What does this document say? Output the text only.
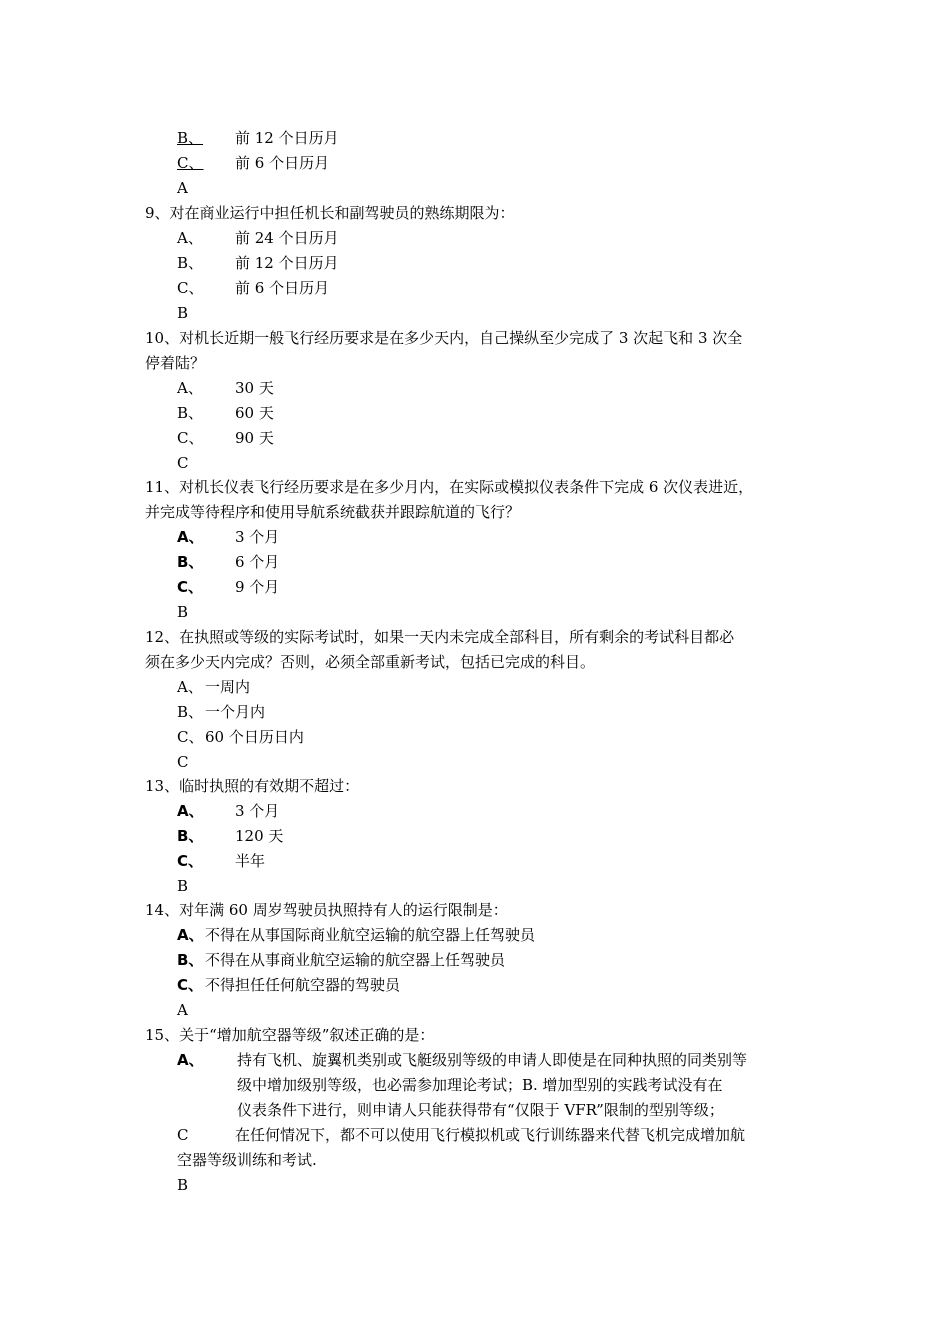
B、 前 12 个日历月
C、 前 6 个日历月
A
9、对在商业运行中担任机长和副驾驶员的熟练期限为：
A、 前 24 个日历月
B、 前 12 个日历月
C、 前 6 个日历月
B
10、对机长近期一般飞行经历要求是在多少天内，自己操纵至少完成了 3 次起飞和 3 次全
停着陆？
A、 30 天
B、 60 天
C、 90 天
C
11、对机长仪表飞行经历要求是在多少月内，在实际或模拟仪表条件下完成 6 次仪表进近，
并完成等待程序和使用导航系统截获并跟踪航道的飞行？
A、 3 个月
B、 6 个月
C、 9 个月
B
12、在执照或等级的实际考试时，如果一天内未完成全部科目，所有剩余的考试科目都必
须在多少天内完成？否则，必须全部重新考试，包括已完成的科目。
A、 一周内
B、 一个月内
C、 60 个日历日内
C
13、临时执照的有效期不超过：
A、 3 个月
B、 120 天
C、 半年
B
14、对年满 60 周岁驾驶员执照持有人的运行限制是：
A、不得在从事国际商业航空运输的航空器上任驾驶员
B、 不得在从事商业航空运输的航空器上任驾驶员
C、 不得担任任何航空器的驾驶员
A
15、关于“增加航空器等级”叙述正确的是：
A、 持有飞机、旋翼机类别或飞艇级别等级的申请人即使是在同种执照的同类别等
级中增加级别等级，也必需参加理论考试；B. 增加型别的实践考试没有在
仪表条件下进行，则申请人只能获得带有“仅限于 VFR”限制的型别等级；
C	在任何情况下，都不可以使用飞行模拟机或飞行训练器来代替飞机完成增加航
空器等级训练和考试.
B
